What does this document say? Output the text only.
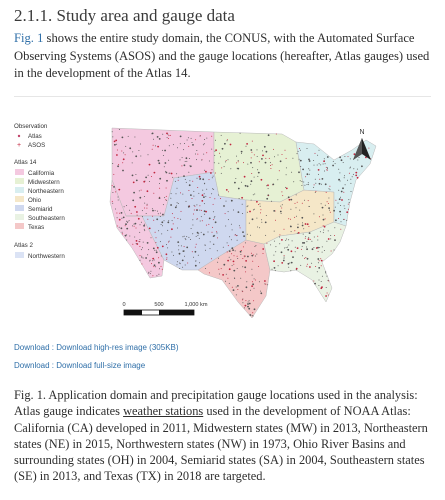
2.1.1. Study area and gauge data
Fig. 1 shows the entire study domain, the CONUS, with the Automated Surface Observing Systems (ASOS) and the gauge locations (hereafter, Atlas gauges) used in the development of the Atlas 14.
Observation
Atlas
+ ASOS
Atlas 14
California
Midwestern
Northeastern
Ohio
Semiarid
Southeastern
Texas
Atlas 2
Northwestern
N
0	500	1,000 km
Download : Download high-res image (305KB)
Download : Download full-size image
Fig. 1. Application domain and precipitation gauge locations used in the analysis: Atlas gauge indicates weather stations used in the development of NOAA Atlas: California (CA) developed in 2011, Midwestern states (MW) in 2013, Northeastern states (NE) in 2015, Northwestern states (NW) in 1973, Ohio River Basins and surrounding states (OH) in 2004, Semiarid states (SA) in 2004, Southeastern states (SE) in 2013, and Texas (TX) in 2018 are targeted.
